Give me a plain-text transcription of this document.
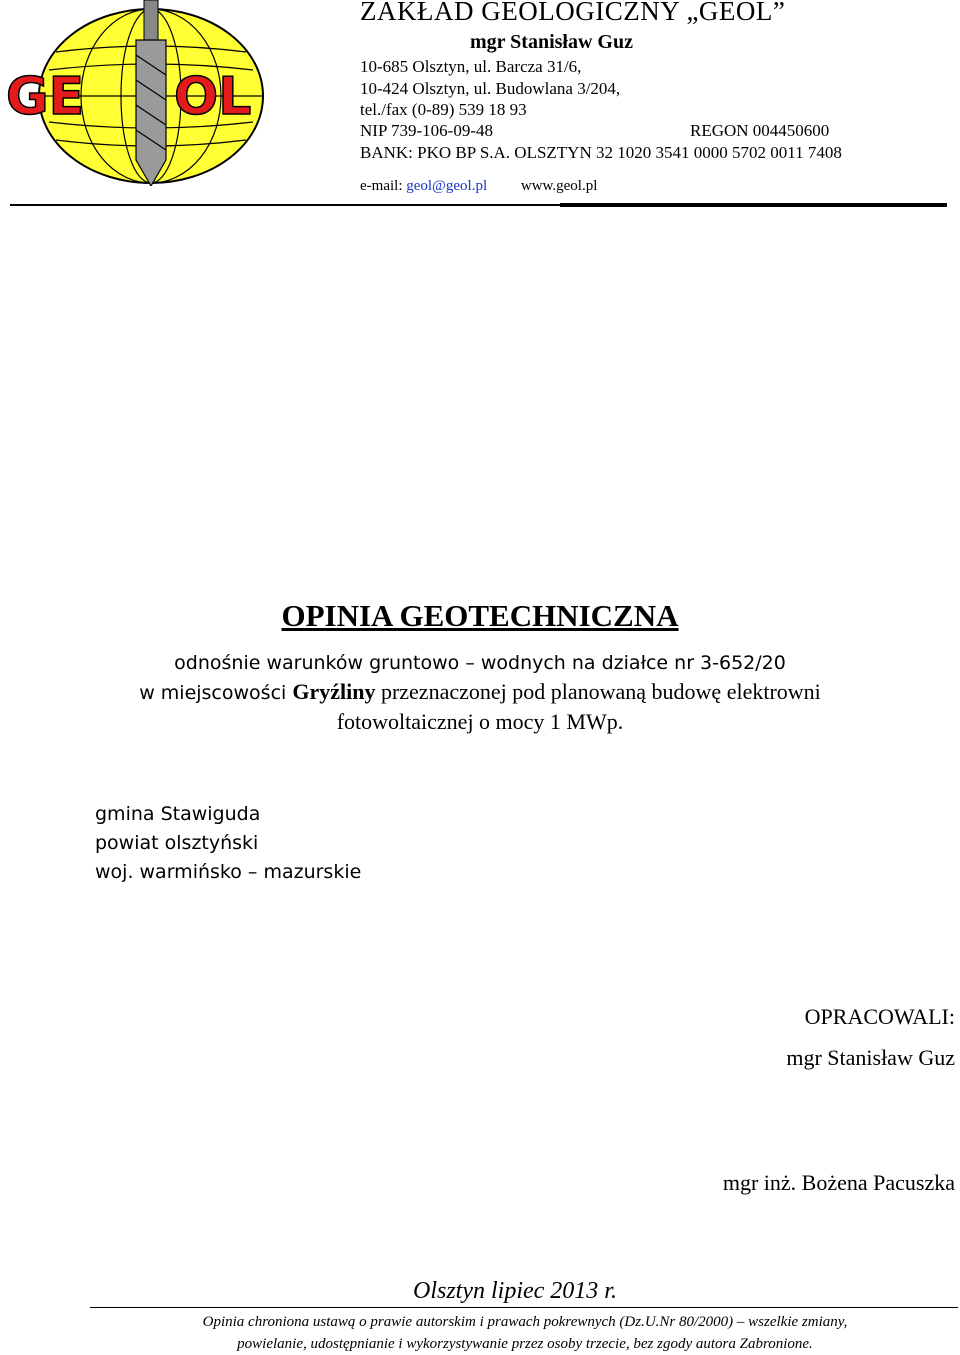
GE OL
ZAKŁAD GEOLOGICZNY „GEOL”
mgr Stanisław Guz
10-685 Olsztyn, ul. Barcza 31/6,
10-424 Olsztyn, ul. Budowlana 3/204,
tel./fax (0-89) 539 18 93
NIP 739-106-09-48	REGON 004450600
BANK: PKO BP S.A. OLSZTYN 32 1020 3541 0000 5702 0011 7408
e-mail: geol@geol.pl www.geol.pl
OPINIA GEOTECHNICZNA
odnośnie warunków gruntowo – wodnych na działce nr 3-652/20
w miejscowości Gryźliny przeznaczonej pod planowaną budowę elektrowni
fotowoltaicznej o mocy 1 MWp.
gmina Stawiguda
powiat olsztyński
woj. warmińsko – mazurskie
OPRACOWALI:
mgr Stanisław Guz
mgr inż. Bożena Pacuszka
Olsztyn lipiec 2013 r.
Opinia chroniona ustawą o prawie autorskim i prawach pokrewnych (Dz.U.Nr 80/2000) – wszelkie zmiany,
powielanie, udostępnianie i wykorzystywanie przez osoby trzecie, bez zgody autora Zabronione.
